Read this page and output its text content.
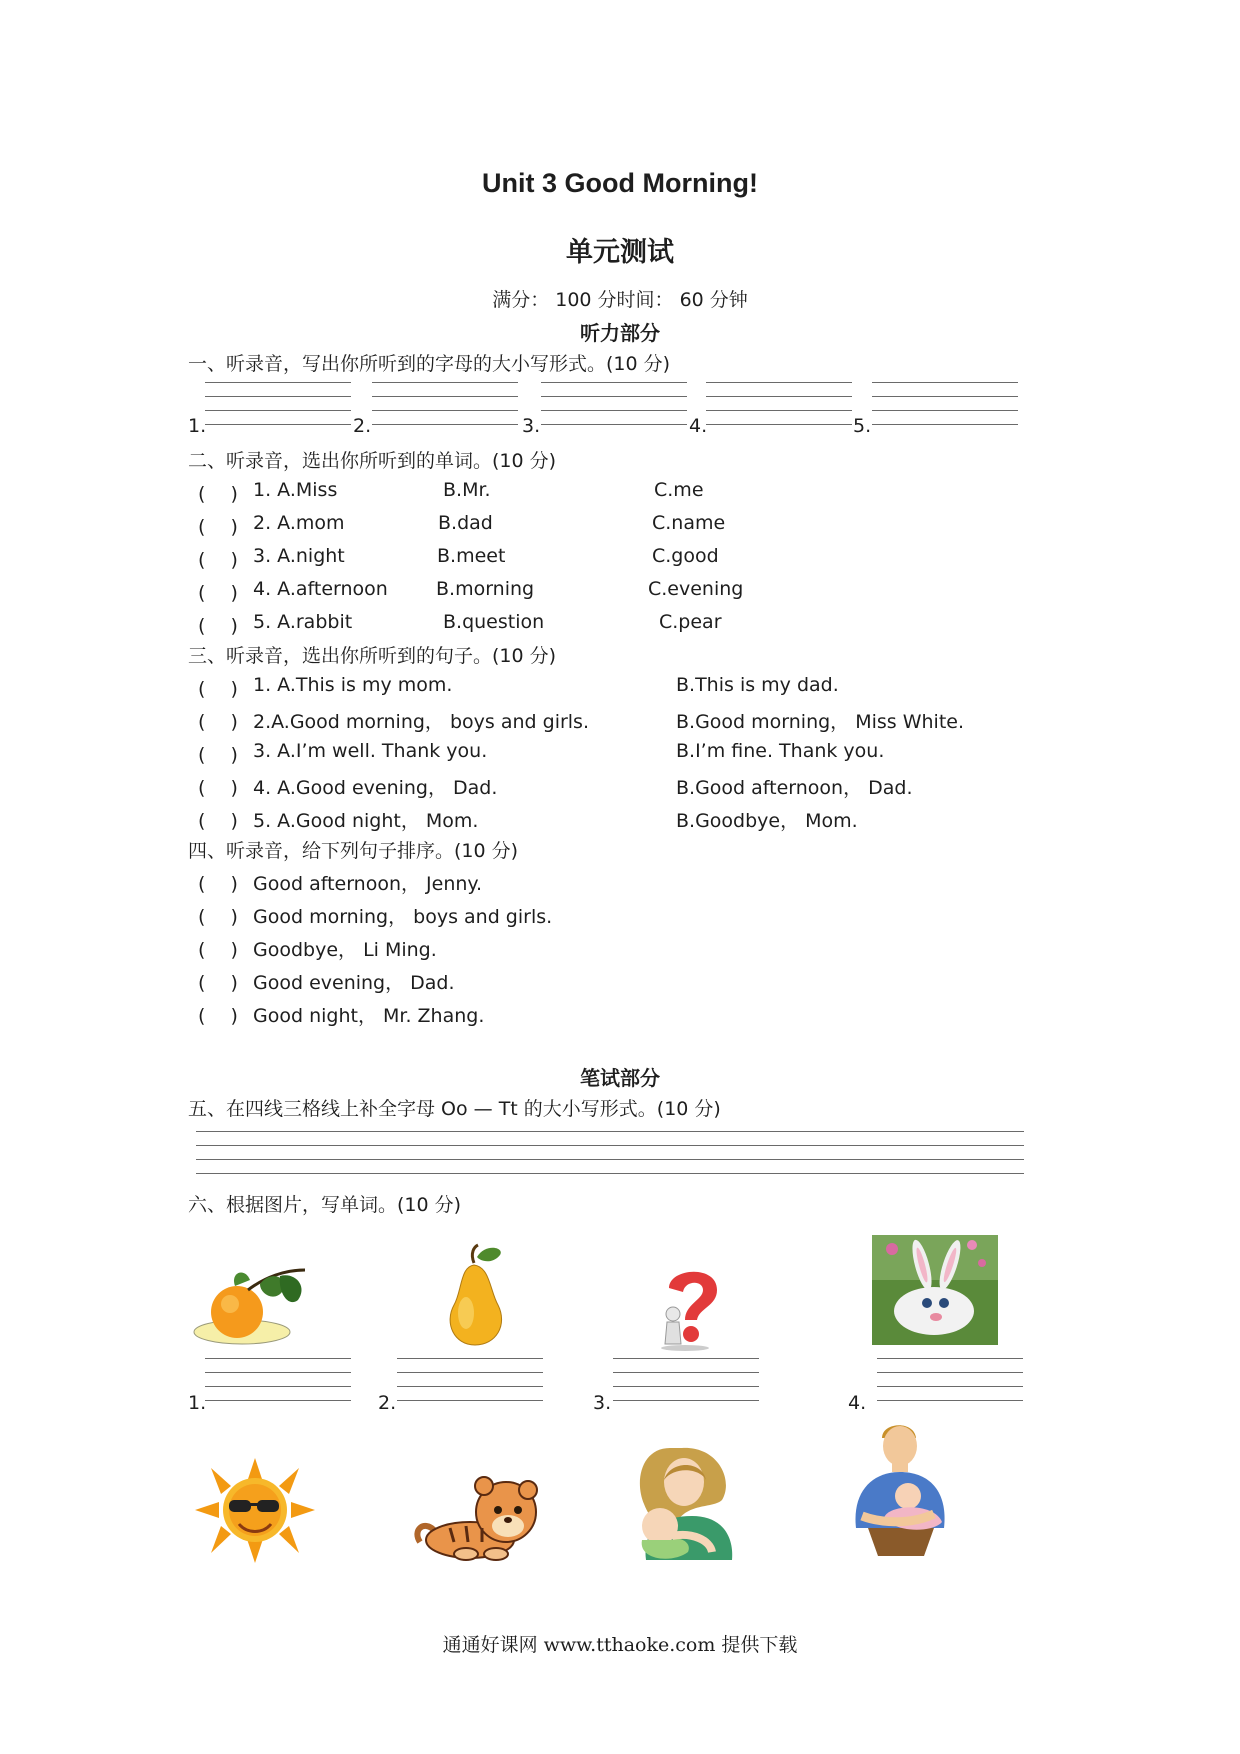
Unit 3 Good Morning!
单元测试
满分： 100 分时间： 60 分钟
听力部分
一、听录音，写出你所听到的字母的大小写形式。(10 分)
1.	2.	3.	4.	5.
二、听录音，选出你所听到的单词。(10 分)
(　 ) 1. A.Miss	B.Mr.	C.me
(　 ) 2. A.mom	B.dad	C.name
(　 ) 3. A.night	B.meet	C.good
(　 ) 4. A.afternoon	B.morning	C.evening
(　 ) 5. A.rabbit	B.question	C.pear
三、听录音，选出你所听到的句子。(10 分)
(　 ) 1. A.This is my mom.	B.This is my dad.
(　 ) 2.A.Good morning， boys and girls.	B.Good morning， Miss White.
(　 ) 3. A.I’m well. Thank you.	B.I’m fine. Thank you.
(　 ) 4. A.Good evening， Dad.	B.Good afternoon， Dad.
(　 ) 5. A.Good night， Mom.	B.Goodbye， Mom.
四、听录音，给下列句子排序。(10 分)
(　 ) Good afternoon， Jenny.
(　 ) Good morning， boys and girls.
(　 ) Goodbye， Li Ming.
(　 ) Good evening， Dad.
(　 ) Good night， Mr. Zhang.
笔试部分
五、在四线三格线上补全字母 Oo — Tt 的大小写形式。(10 分)
六、根据图片，写单词。(10 分)
1.	2.	3.	4.
通通好课网 www.tthaoke.com 提供下载
